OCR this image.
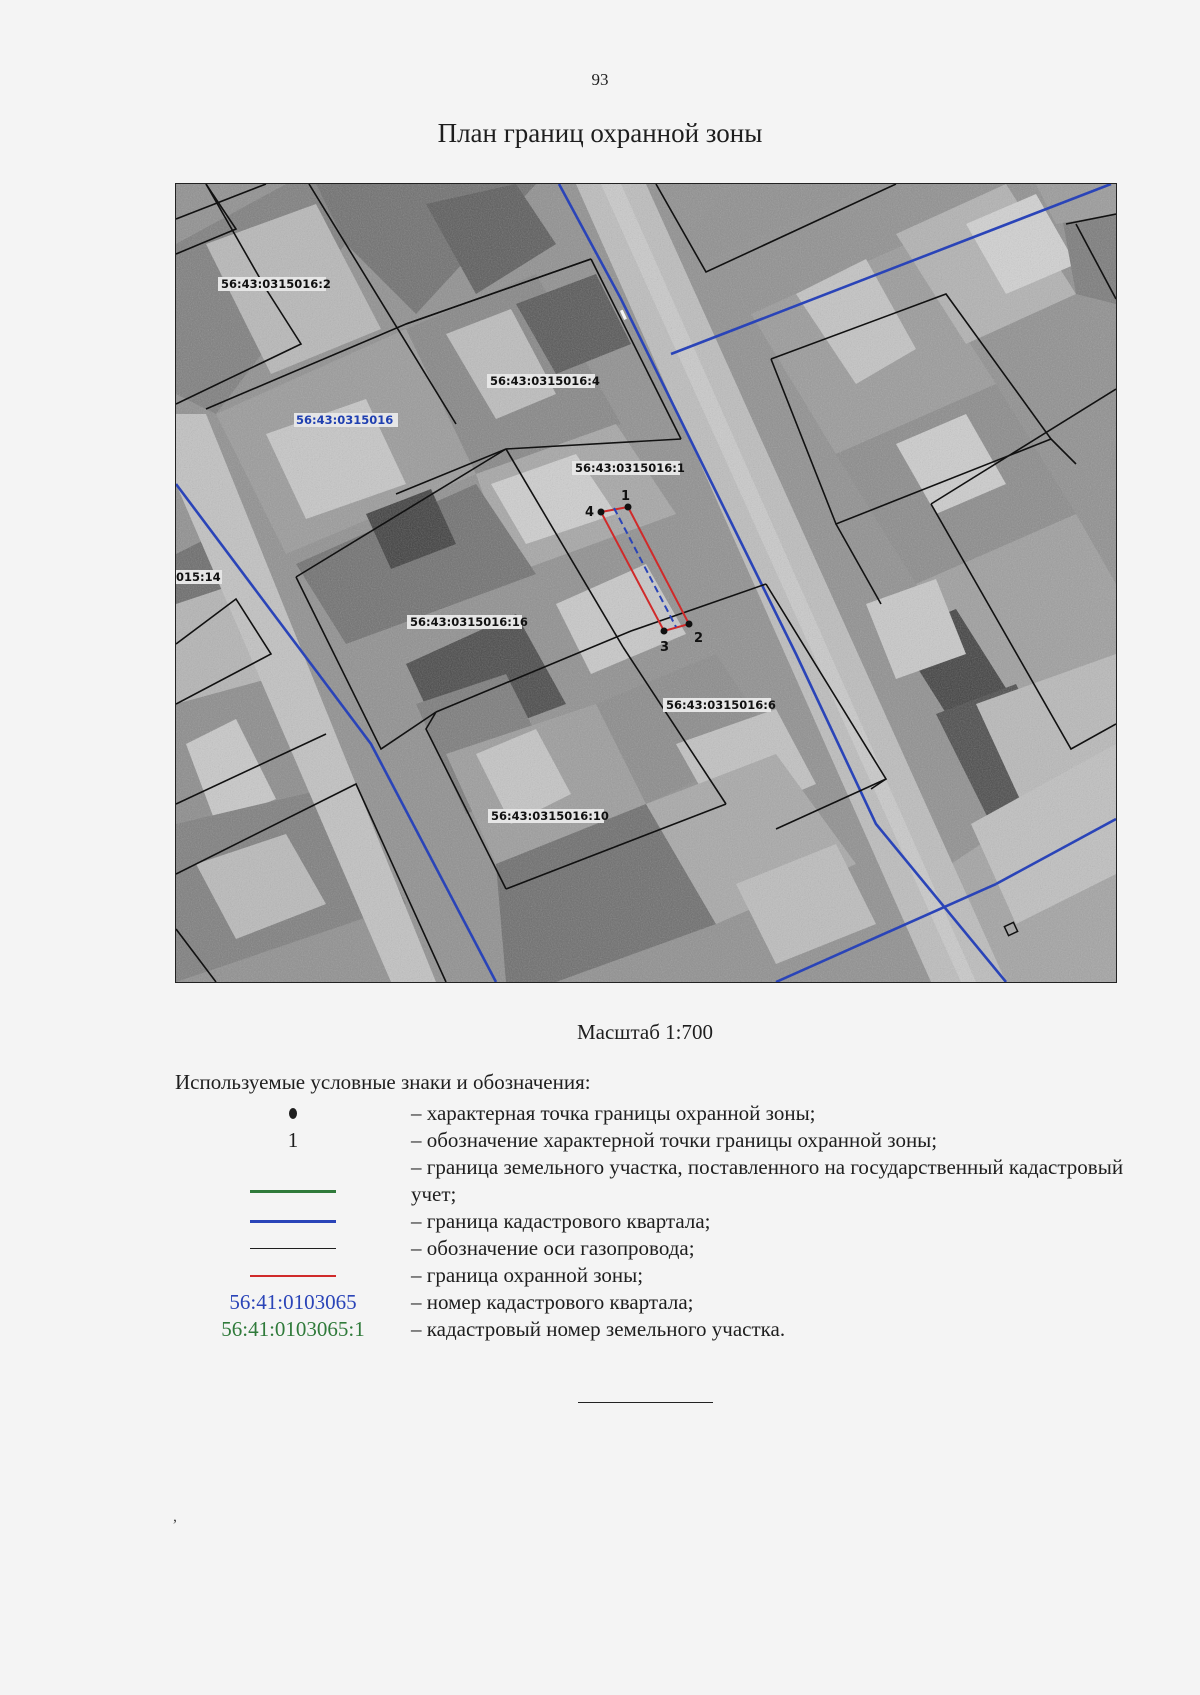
93
План границ охранной зоны
1
2
3
4
56:43:0315016:2
56:43:0315016:4
56:43:0315016:1
56:43:0315016:16
56:43:0315016:6
56:43:0315016:10
015:14
56:43:0315016
Масштаб 1:700
Используемые условные знаки и обозначения:
– характерная точка границы охранной зоны;
1	– обозначение характерной точки границы охранной зоны;
– граница земельного участка, поставленного на государственный кадастровый учет;
– граница кадастрового квартала;
– обозначение оси газопровода;
– граница охранной зоны;
56:41:0103065	– номер кадастрового квартала;
56:41:0103065:1 – кадастровый номер земельного участка.
,
